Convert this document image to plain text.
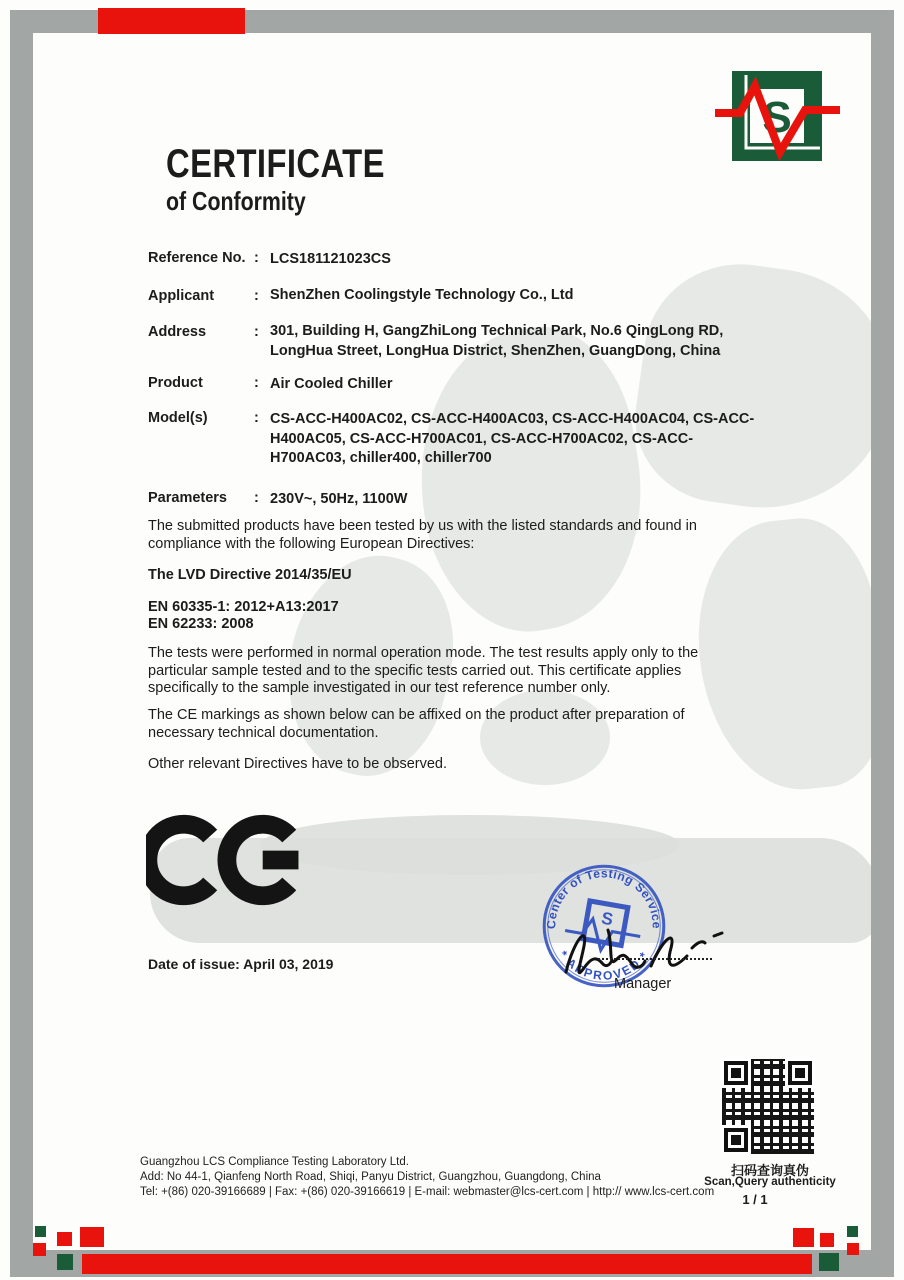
S
CERTIFICATE
of Conformity
Reference No. : LCS181121023CS
Applicant	: ShenZhen Coolingstyle Technology Co., Ltd
Address	: 301, Building H, GangZhiLong Technical Park, No.6 QingLong RD, LongHua Street, LongHua District, ShenZhen, GuangDong, China
Product	: Air Cooled Chiller
Model(s)	: CS-ACC-H400AC02, CS-ACC-H400AC03, CS-ACC-H400AC04, CS-ACC-H400AC05, CS-ACC-H700AC01, CS-ACC-H700AC02, CS-ACC-H700AC03, chiller400, chiller700
Parameters	: 230V~, 50Hz, 1100W
The submitted products have been tested by us with the listed standards and found in compliance with the following European Directives:
The LVD Directive 2014/35/EU
EN 60335-1: 2012+A13:2017
EN 62233: 2008
The tests were performed in normal operation mode. The test results apply only to the particular sample tested and to the specific tests carried out. This certificate applies specifically to the sample investigated in our test reference number only.
The CE markings as shown below can be affixed on the product after preparation of necessary technical documentation.
Other relevant Directives have to be observed.
Date of issue: April 03, 2019
Center of Testing Service
* APPROVED *
S
Manager
扫码查询真伪
Scan,Query authenticity
1 / 1
Guangzhou LCS Compliance Testing Laboratory Ltd.
Add: No 44-1, Qianfeng North Road, Shiqi, Panyu District, Guangzhou, Guangdong, China
Tel: +(86) 020-39166689 | Fax: +(86) 020-39166619 | E-mail: webmaster@lcs-cert.com | http:// www.lcs-cert.com
